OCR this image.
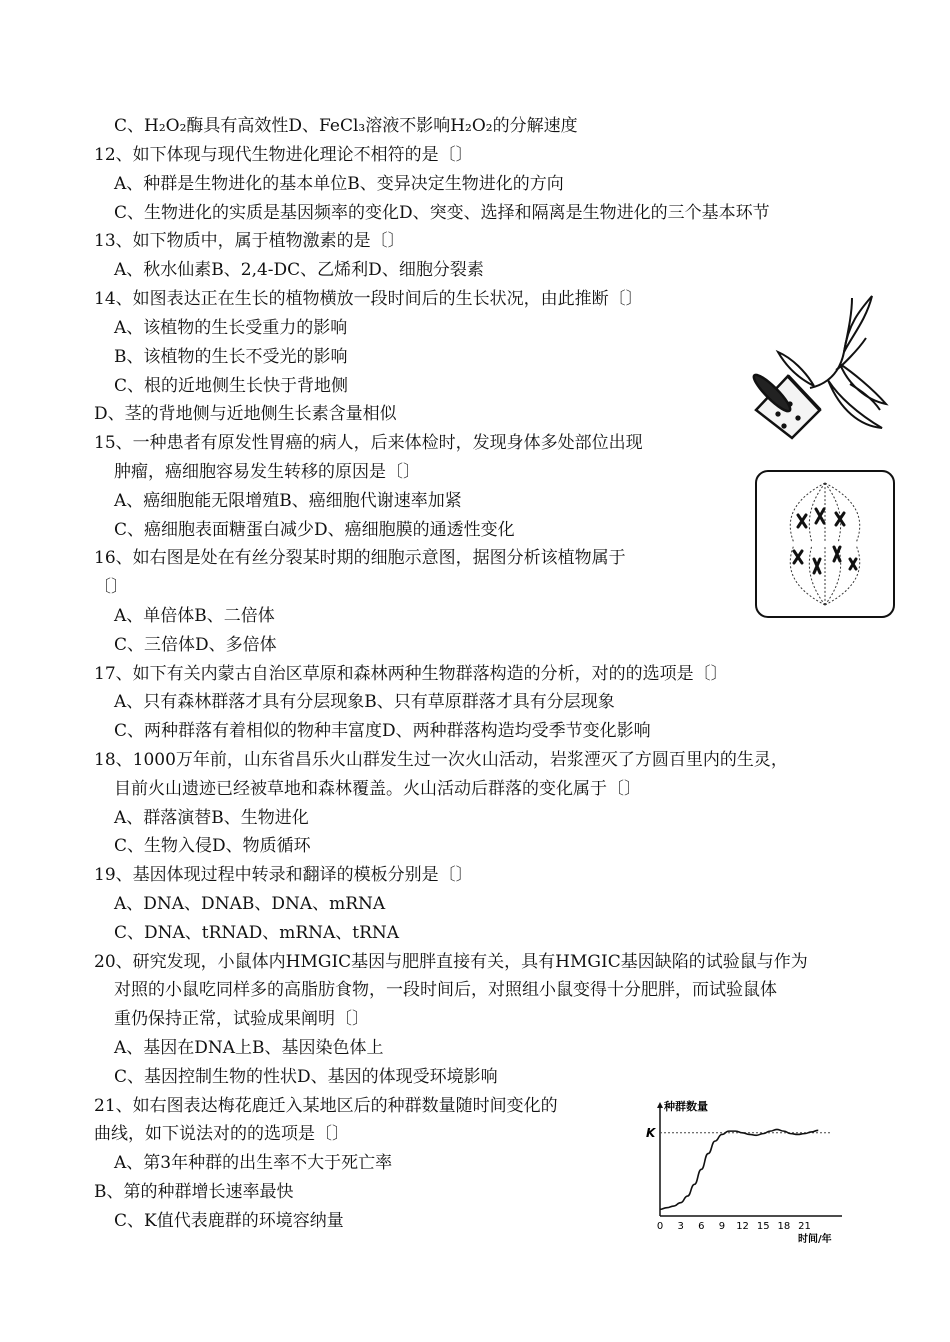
C、H₂O₂酶具有高效性D、FeCl₃溶液不影响H₂O₂的分解速度
12、如下体现与现代生物进化理论不相符的是〔〕
A、种群是生物进化的基本单位B、变异决定生物进化的方向
C、生物进化的实质是基因频率的变化D、突变、选择和隔离是生物进化的三个基本环节
13、如下物质中，属于植物激素的是〔〕
A、秋水仙素B、2,4-DC、乙烯利D、细胞分裂素
14、如图表达正在生长的植物横放一段时间后的生长状况，由此推断〔〕
A、该植物的生长受重力的影响
B、该植物的生长不受光的影响
C、根的近地侧生长快于背地侧
D、茎的背地侧与近地侧生长素含量相似
15、一种患者有原发性胃癌的病人，后来体检时，发现身体多处部位出现
肿瘤，癌细胞容易发生转移的原因是〔〕
A、癌细胞能无限增殖B、癌细胞代谢速率加紧
C、癌细胞表面糖蛋白减少D、癌细胞膜的通透性变化
16、如右图是处在有丝分裂某时期的细胞示意图，据图分析该植物属于
〔〕
A、单倍体B、二倍体
C、三倍体D、多倍体
17、如下有关内蒙古自治区草原和森林两种生物群落构造的分析，对的的选项是〔〕
A、只有森林群落才具有分层现象B、只有草原群落才具有分层现象
C、两种群落有着相似的物种丰富度D、两种群落构造均受季节变化影响
18、1000万年前，山东省昌乐火山群发生过一次火山活动，岩浆湮灭了方圆百里内的生灵，
目前火山遗迹已经被草地和森林覆盖。火山活动后群落的变化属于〔〕
A、群落演替B、生物进化
C、生物入侵D、物质循环
19、基因体现过程中转录和翻译的模板分别是〔〕
A、DNA、DNAB、DNA、mRNA
C、DNA、tRNAD、mRNA、tRNA
20、研究发现，小鼠体内HMGIC基因与肥胖直接有关，具有HMGIC基因缺陷的试验鼠与作为
对照的小鼠吃同样多的高脂肪食物，一段时间后，对照组小鼠变得十分肥胖，而试验鼠体
重仍保持正常，试验成果阐明〔〕
A、基因在DNA上B、基因染色体上
C、基因控制生物的性状D、基因的体现受环境影响
21、如右图表达梅花鹿迁入某地区后的种群数量随时间变化的
曲线，如下说法对的的选项是〔〕
A、第3年种群的出生率不大于死亡率
B、第的种群增长速率最快
C、K值代表鹿群的环境容纳量
种群数量
时间/年
K
0 3 6 9 12 15 18 21
